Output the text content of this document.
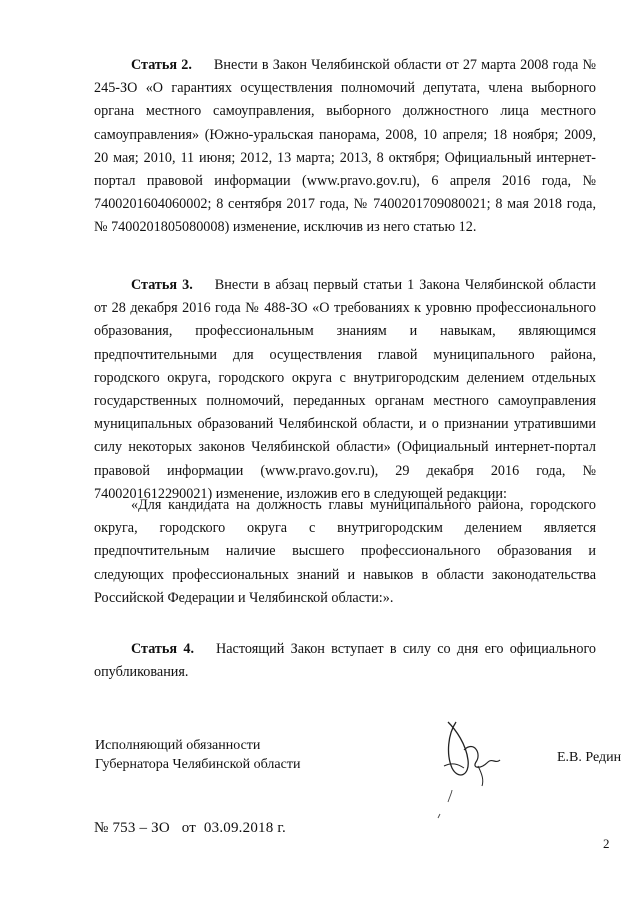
Статья 2. Внести в Закон Челябинской области от 27 марта 2008 года № 245-ЗО «О гарантиях осуществления полномочий депутата, члена выборного органа местного самоуправления, выборного должностного лица местного самоуправления» (Южно-уральская панорама, 2008, 10 апреля; 18 ноября; 2009, 20 мая; 2010, 11 июня; 2012, 13 марта; 2013, 8 октября; Официальный интернет-портал правовой информации (www.pravo.gov.ru), 6 апреля 2016 года, № 7400201604060002; 8 сентября 2017 года, № 7400201709080021; 8 мая 2018 года, № 7400201805080008) изменение, исключив из него статью 12.

Статья 3. Внести в абзац первый статьи 1 Закона Челябинской области от 28 декабря 2016 года № 488-ЗО «О требованиях к уровню профессионального образования, профессиональным знаниям и навыкам, являющимся предпочтительными для осуществления главой муниципального района, городского округа, городского округа с внутригородским делением отдельных государственных полномочий, переданных органам местного самоуправления муниципальных образований Челябинской области, и о признании утратившими силу некоторых законов Челябинской области» (Официальный интернет-портал правовой информации (www.pravo.gov.ru), 29 декабря 2016 года, № 7400201612290021) изменение, изложив его в следующей редакции:

«Для кандидата на должность главы муниципального района, городского округа, городского округа с внутригородским делением является предпочтительным наличие высшего профессионального образования и следующих профессиональных знаний и навыков в области законодательства Российской Федерации и Челябинской области:».

Статья 4. Настоящий Закон вступает в силу со дня его официального опубликования.

Исполняющий обязанности
Губернатора Челябинской области	Е.В. Редин
№ 753 – ЗО   от  03.09.2018 г.
2
